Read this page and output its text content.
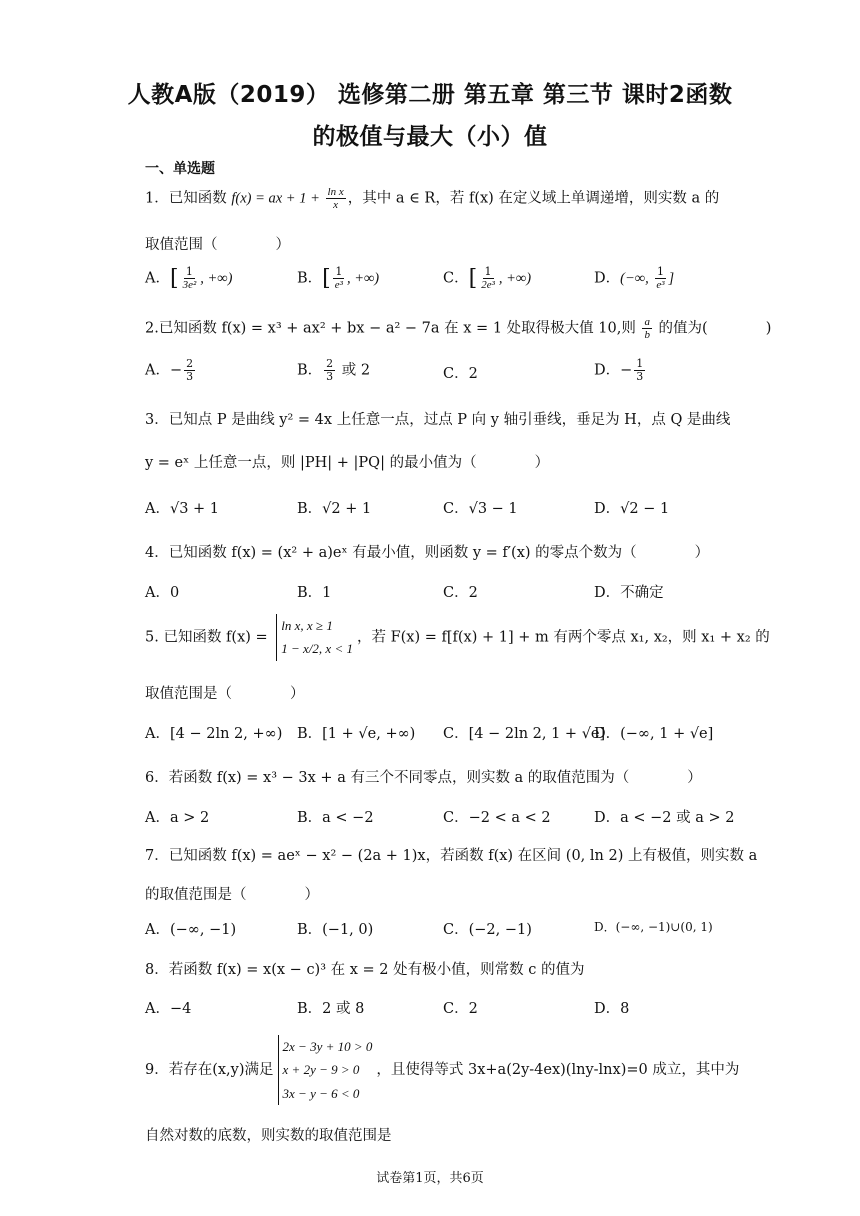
人教A版（2019） 选修第二册 第五章 第三节 课时2函数
的极值与最大（小）值
一、单选题
1．已知函数 f(x) = ax + $1 + \frac{\text{ln x}}{x}$ ，其中 a ∈ R，若 f(x) 在定义域上单调递增，则实数 a 的
取值范围（　　　　）
A．[ $\frac{1}{\text{3e²}}$ , +∞)	B．[ $\frac{1}{\text{e³}}$ , +∞)	C．[ $\frac{1}{\text{2e³}}$ , +∞)	D．(−∞, $\frac{1}{\text{e³}}$ ]
2.已知函数 f(x) = x³ + ax² + bx − a² − 7a 在 x = 1 处取得极大值 10,则 $\frac{a}{b}$ 的值为(　　　　)
A．− $\frac{2}{3}$	B． $\frac{2}{3}$ 或 2	C．2	D．− $\frac{1}{3}$
3．已知点 P 是曲线 y² = 4x 上任意一点，过点 P 向 y 轴引垂线，垂足为 H，点 Q 是曲线
y = eˣ 上任意一点，则 |PH| + |PQ| 的最小值为（　　　　）
A．√3 + 1	B．√2 + 1	C．√3 − 1	D．√2 − 1
4．已知函数 f(x) = (x² + a)eˣ 有最小值，则函数 y = f′(x) 的零点个数为（　　　　）
A．0	B．1	C．2	D．不确定
5. 已知函数 f(x) = ln x, x ≥ 1
1 − x/2, x < 1，若 F(x) = f[f(x) + 1] + m 有两个零点 x₁, x₂，则 x₁ + x₂ 的
取值范围是（　　　　）
A．[4 − 2ln 2, +∞) B．[1 + √e, +∞) C．[4 − 2ln 2, 1 + √e]
D．(−∞, 1 + √e]
6．若函数 f(x) = x³ − 3x + a 有三个不同零点，则实数 a 的取值范围为（　　　　）
A．a > 2	B．a < −2	C．−2 < a < 2	D．a < −2 或 a > 2
7．已知函数 f(x) = aeˣ − x² − (2a + 1)x，若函数 f(x) 在区间 (0, ln 2) 上有极值，则实数 a
的取值范围是（　　　　）
A．(−∞, −1)	B．(−1, 0)	C．(−2, −1)	D．(−∞, −1)∪(0, 1)
8．若函数 f(x) = x(x − c)³ 在 x = 2 处有极小值，则常数 c 的值为
A．−4	B．2 或 8	C．2	D．8
9．若存在(x,y)满足2x − 3y + 10 > 0
x + 2y − 9 > 0
3x − y − 6 < 0，且使得等式 3x+a(2y-4ex)(lny-lnx)=0 成立，其中为
自然对数的底数，则实数的取值范围是
试卷第1页，共6页
